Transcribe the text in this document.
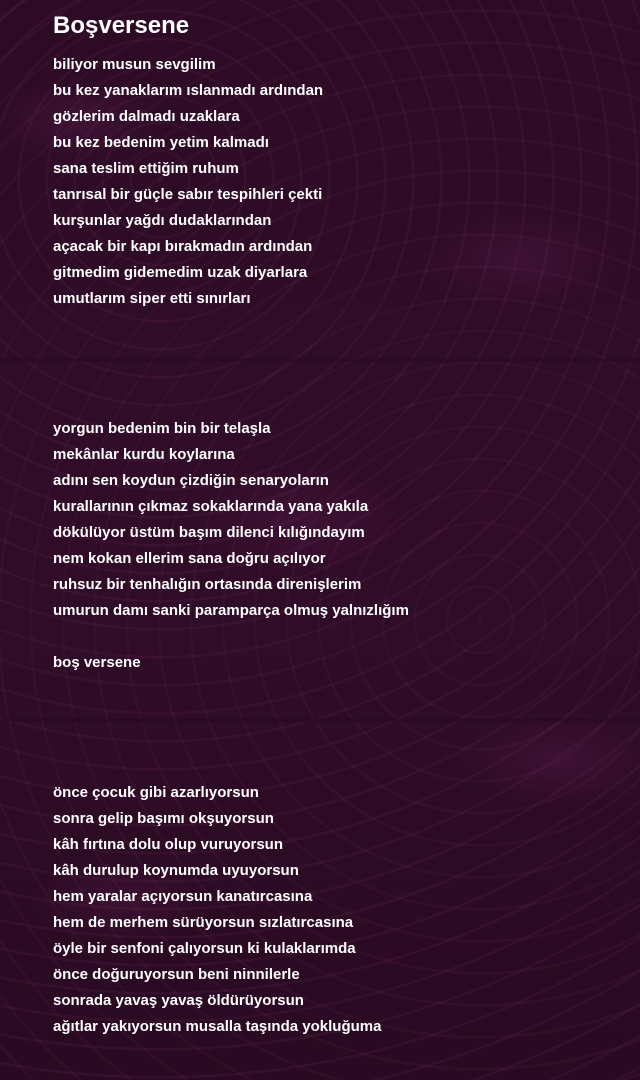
Boşversene
biliyor musun sevgilim
bu kez yanaklarım ıslanmadı ardından
gözlerim dalmadı uzaklara
bu kez bedenim yetim kalmadı
sana teslim ettiğim ruhum
tanrısal bir güçle sabır tespihleri çekti
kurşunlar yağdı dudaklarından
açacak bir kapı bırakmadın ardından
gitmedim gidemedim uzak diyarlara
umutlarım siper etti sınırları
yorgun bedenim bin bir telaşla
mekânlar kurdu koylarına
adını sen koydun çizdiğin senaryoların
kurallarının çıkmaz sokaklarında yana yakıla
dökülüyor üstüm başım dilenci kılığındayım
nem kokan ellerim sana doğru açılıyor
ruhsuz bir tenhalığın ortasında direnişlerim
umurun damı sanki paramparça olmuş yalnızlığım
boş versene
önce çocuk gibi azarlıyorsun
sonra gelip başımı okşuyorsun
kâh fırtına dolu olup vuruyorsun
kâh durulup koynumda uyuyorsun
hem yaralar açıyorsun kanatırcasına
hem de merhem sürüyorsun sızlatırcasına
öyle bir senfoni çalıyorsun ki kulaklarımda
önce doğuruyorsun beni ninnilerle
sonrada yavaş yavaş öldürüyorsun
ağıtlar yakıyorsun musalla taşında yokluğuma
